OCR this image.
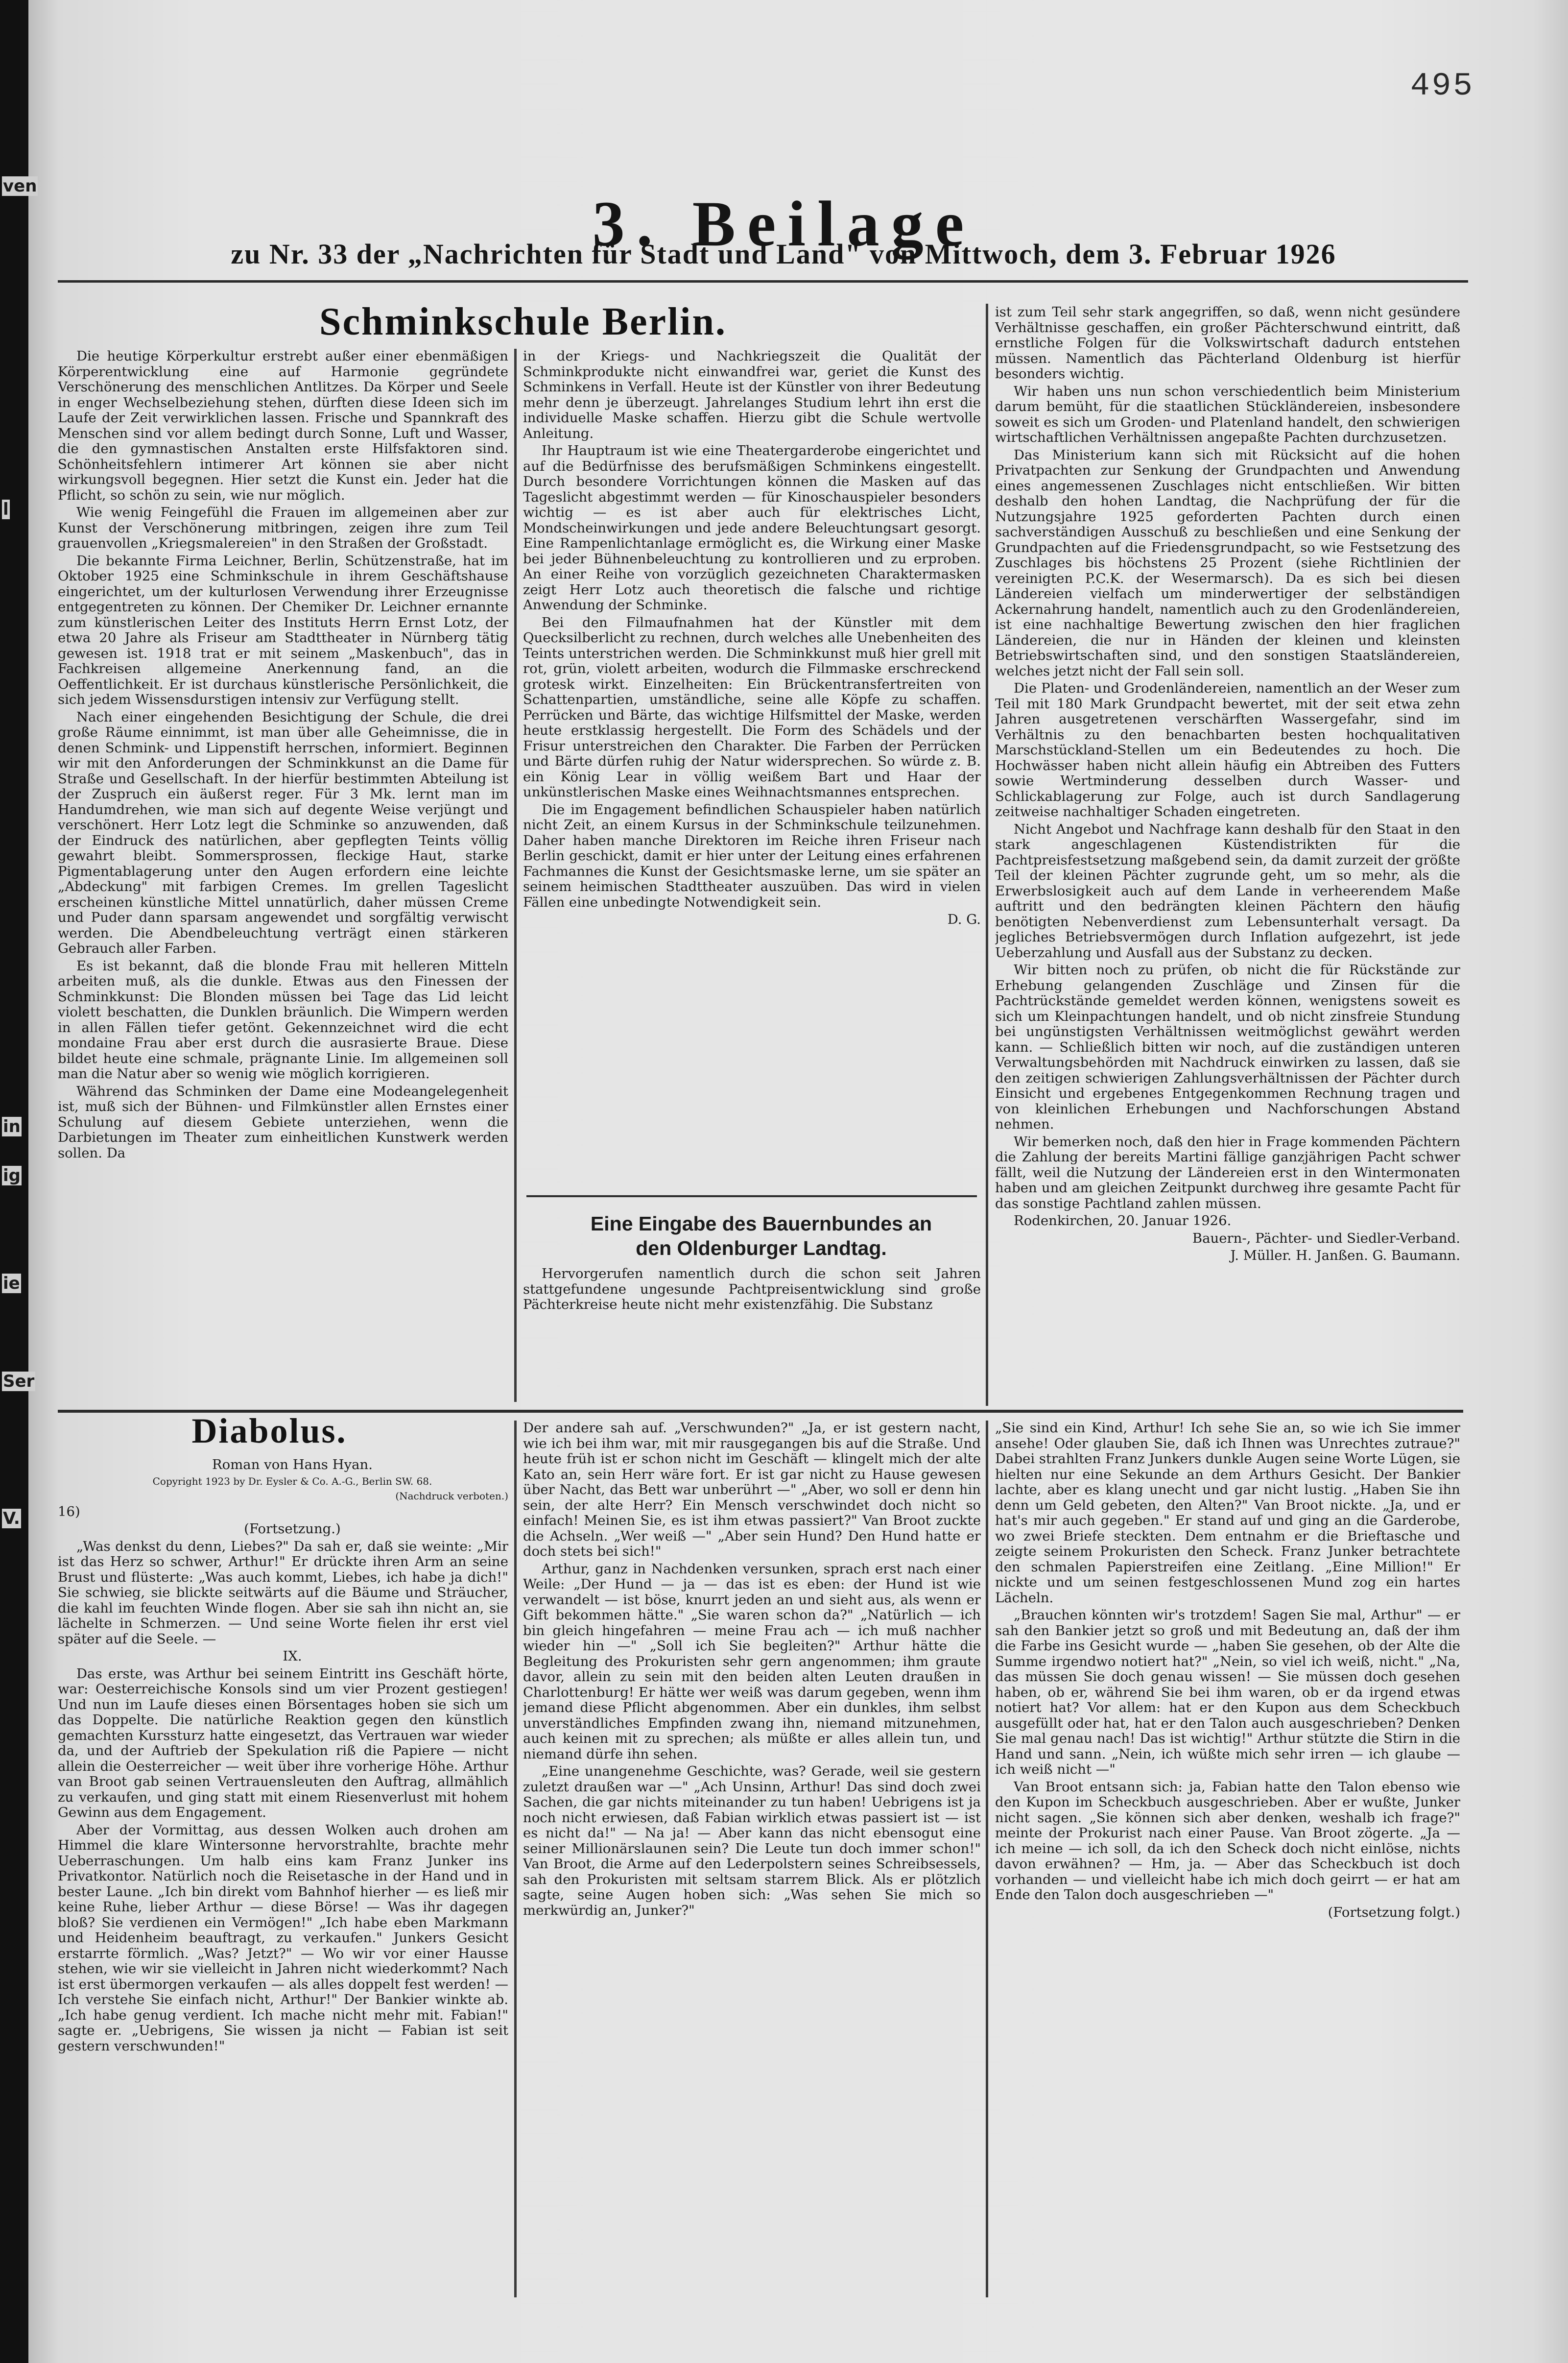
ven
l
in
ig
ie
Ser
V.
495
3. Beilage
zu Nr. 33 der „Nachrichten für Stadt und Land" von Mittwoch, dem 3. Februar 1926
Schminkschule Berlin.

Die heutige Körperkultur erstrebt außer einer ebenmäßigen Körperentwicklung eine auf Harmonie gegründete Verschönerung des menschlichen Antlitzes. Da Körper und Seele in enger Wechselbeziehung stehen, dürften diese Ideen sich im Laufe der Zeit verwirklichen lassen. Frische und Spannkraft des Menschen sind vor allem bedingt durch Sonne, Luft und Wasser, die den gymnastischen Anstalten erste Hilfsfaktoren sind. Schönheitsfehlern intimerer Art können sie aber nicht wirkungsvoll begegnen. Hier setzt die Kunst ein. Jeder hat die Pflicht, so schön zu sein, wie nur möglich.

Wie wenig Feingefühl die Frauen im allgemeinen aber zur Kunst der Verschönerung mitbringen, zeigen ihre zum Teil grauenvollen „Kriegsmalereien" in den Straßen der Großstadt.

Die bekannte Firma Leichner, Berlin, Schützenstraße, hat im Oktober 1925 eine Schminkschule in ihrem Geschäftshause eingerichtet, um der kulturlosen Verwendung ihrer Erzeugnisse entgegentreten zu können. Der Chemiker Dr. Leichner ernannte zum künstlerischen Leiter des Instituts Herrn Ernst Lotz, der etwa 20 Jahre als Friseur am Stadttheater in Nürnberg tätig gewesen ist. 1918 trat er mit seinem „Maskenbuch", das in Fachkreisen allgemeine Anerkennung fand, an die Oeffentlichkeit. Er ist durchaus künstlerische Persönlichkeit, die sich jedem Wissensdurstigen intensiv zur Verfügung stellt.

Nach einer eingehenden Besichtigung der Schule, die drei große Räume einnimmt, ist man über alle Geheimnisse, die in denen Schmink- und Lippenstift herrschen, informiert. Beginnen wir mit den Anforderungen der Schminkkunst an die Dame für Straße und Gesellschaft. In der hierfür bestimmten Abteilung ist der Zuspruch ein äußerst reger. Für 3 Mk. lernt man im Handumdrehen, wie man sich auf degente Weise verjüngt und verschönert. Herr Lotz legt die Schminke so anzuwenden, daß der Eindruck des natürlichen, aber gepflegten Teints völlig gewahrt bleibt. Sommersprossen, fleckige Haut, starke Pigmentablagerung unter den Augen erfordern eine leichte „Abdeckung" mit farbigen Cremes. Im grellen Tageslicht erscheinen künstliche Mittel unnatürlich, daher müssen Creme und Puder dann sparsam angewendet und sorgfältig verwischt werden. Die Abendbeleuchtung verträgt einen stärkeren Gebrauch aller Farben.

Es ist bekannt, daß die blonde Frau mit helleren Mitteln arbeiten muß, als die dunkle. Etwas aus den Finessen der Schminkkunst: Die Blonden müssen bei Tage das Lid leicht violett beschatten, die Dunklen bräunlich. Die Wimpern werden in allen Fällen tiefer getönt. Gekennzeichnet wird die echt mondaine Frau aber erst durch die ausrasierte Braue. Diese bildet heute eine schmale, prägnante Linie. Im allgemeinen soll man die Natur aber so wenig wie möglich korrigieren.

Während das Schminken der Dame eine Modeangelegenheit ist, muß sich der Bühnen- und Filmkünstler allen Ernstes einer Schulung auf diesem Gebiete unterziehen, wenn die Darbietungen im Theater zum einheitlichen Kunstwerk werden sollen. Da

in der Kriegs- und Nachkriegszeit die Qualität der Schminkprodukte nicht einwandfrei war, geriet die Kunst des Schminkens in Verfall. Heute ist der Künstler von ihrer Bedeutung mehr denn je überzeugt. Jahrelanges Studium lehrt ihn erst die individuelle Maske schaffen. Hierzu gibt die Schule wertvolle Anleitung.

Ihr Hauptraum ist wie eine Theatergarderobe eingerichtet und auf die Bedürfnisse des berufsmäßigen Schminkens eingestellt. Durch besondere Vorrichtungen können die Masken auf das Tageslicht abgestimmt werden — für Kinoschauspieler besonders wichtig — es ist aber auch für elektrisches Licht, Mondscheinwirkungen und jede andere Beleuchtungsart gesorgt. Eine Rampenlichtanlage ermöglicht es, die Wirkung einer Maske bei jeder Bühnenbeleuchtung zu kontrollieren und zu erproben. An einer Reihe von vorzüglich gezeichneten Charaktermasken zeigt Herr Lotz auch theoretisch die falsche und richtige Anwendung der Schminke.

Bei den Filmaufnahmen hat der Künstler mit dem Quecksilberlicht zu rechnen, durch welches alle Unebenheiten des Teints unterstrichen werden. Die Schminkkunst muß hier grell mit rot, grün, violett arbeiten, wodurch die Filmmaske erschreckend grotesk wirkt. Einzelheiten: Ein Brückentransfertreiten von Schattenpartien, umständliche, seine alle Köpfe zu schaffen. Perrücken und Bärte, das wichtige Hilfsmittel der Maske, werden heute erstklassig hergestellt. Die Form des Schädels und der Frisur unterstreichen den Charakter. Die Farben der Perrücken und Bärte dürfen ruhig der Natur widersprechen. So würde z. B. ein König Lear in völlig weißem Bart und Haar der unkünstlerischen Maske eines Weihnachtsmannes entsprechen.

Die im Engagement befindlichen Schauspieler haben natürlich nicht Zeit, an einem Kursus in der Schminkschule teilzunehmen. Daher haben manche Direktoren im Reiche ihren Friseur nach Berlin geschickt, damit er hier unter der Leitung eines erfahrenen Fachmannes die Kunst der Gesichtsmaske lerne, um sie später an seinem heimischen Stadttheater auszuüben. Das wird in vielen Fällen eine unbedingte Notwendigkeit sein.

D. G.

Eine Eingabe des Bauernbundes an

den Oldenburger Landtag.

Hervorgerufen namentlich durch die schon seit Jahren stattgefundene ungesunde Pachtpreisentwicklung sind große Pächterkreise heute nicht mehr existenzfähig. Die Substanz

ist zum Teil sehr stark angegriffen, so daß, wenn nicht gesündere Verhältnisse geschaffen, ein großer Pächterschwund eintritt, daß ernstliche Folgen für die Volkswirtschaft dadurch entstehen müssen. Namentlich das Pächterland Oldenburg ist hierfür besonders wichtig.

Wir haben uns nun schon verschiedentlich beim Ministerium darum bemüht, für die staatlichen Stückländereien, insbesondere soweit es sich um Groden- und Platenland handelt, den schwierigen wirtschaftlichen Verhältnissen angepaßte Pachten durchzusetzen.

Das Ministerium kann sich mit Rücksicht auf die hohen Privatpachten zur Senkung der Grundpachten und Anwendung eines angemessenen Zuschlages nicht entschließen. Wir bitten deshalb den hohen Landtag, die Nachprüfung der für die Nutzungsjahre 1925 geforderten Pachten durch einen sachverständigen Ausschuß zu beschließen und eine Senkung der Grundpachten auf die Friedensgrundpacht, so wie Festsetzung des Zuschlages bis höchstens 25 Prozent (siehe Richtlinien der vereinigten P.C.K. der Wesermarsch). Da es sich bei diesen Ländereien vielfach um minderwertiger der selbständigen Ackernahrung handelt, namentlich auch zu den Grodenländereien, ist eine nachhaltige Bewertung zwischen den hier fraglichen Ländereien, die nur in Händen der kleinen und kleinsten Betriebswirtschaften sind, und den sonstigen Staatsländereien, welches jetzt nicht der Fall sein soll.

Die Platen- und Grodenländereien, namentlich an der Weser zum Teil mit 180 Mark Grundpacht bewertet, mit der seit etwa zehn Jahren ausgetretenen verschärften Wassergefahr, sind im Verhältnis zu den benachbarten besten hochqualitativen Marschstückland-Stellen um ein Bedeutendes zu hoch. Die Hochwässer haben nicht allein häufig ein Abtreiben des Futters sowie Wertminderung desselben durch Wasser- und Schlickablagerung zur Folge, auch ist durch Sandlagerung zeitweise nachhaltiger Schaden eingetreten.

Nicht Angebot und Nachfrage kann deshalb für den Staat in den stark angeschlagenen Küstendistrikten für die Pachtpreisfestsetzung maßgebend sein, da damit zurzeit der größte Teil der kleinen Pächter zugrunde geht, um so mehr, als die Erwerbslosigkeit auch auf dem Lande in verheerendem Maße auftritt und den bedrängten kleinen Pächtern den häufig benötigten Nebenverdienst zum Lebensunterhalt versagt. Da jegliches Betriebsvermögen durch Inflation aufgezehrt, ist jede Ueberzahlung und Ausfall aus der Substanz zu decken.

Wir bitten noch zu prüfen, ob nicht die für Rückstände zur Erhebung gelangenden Zuschläge und Zinsen für die Pachtrückstände gemeldet werden können, wenigstens soweit es sich um Kleinpachtungen handelt, und ob nicht zinsfreie Stundung bei ungünstigsten Verhältnissen weitmöglichst gewährt werden kann. — Schließlich bitten wir noch, auf die zuständigen unteren Verwaltungsbehörden mit Nachdruck einwirken zu lassen, daß sie den zeitigen schwierigen Zahlungsverhältnissen der Pächter durch Einsicht und ergebenes Entgegenkommen Rechnung tragen und von kleinlichen Erhebungen und Nachforschungen Abstand nehmen.

Wir bemerken noch, daß den hier in Frage kommenden Pächtern die Zahlung der bereits Martini fällige ganzjährigen Pacht schwer fällt, weil die Nutzung der Ländereien erst in den Wintermonaten haben und am gleichen Zeitpunkt durchweg ihre gesamte Pacht für das sonstige Pachtland zahlen müssen.

Rodenkirchen, 20. Januar 1926.

Bauern-, Pächter- und Siedler-Verband.

J. Müller. H. Janßen. G. Baumann.

Diabolus.

Roman von Hans Hyan.

Copyright 1923 by Dr. Eysler & Co. A.-G., Berlin SW. 68.

(Nachdruck verboten.)

16)

(Fortsetzung.)

„Was denkst du denn, Liebes?" Da sah er, daß sie weinte: „Mir ist das Herz so schwer, Arthur!" Er drückte ihren Arm an seine Brust und flüsterte: „Was auch kommt, Liebes, ich habe ja dich!" Sie schwieg, sie blickte seitwärts auf die Bäume und Sträucher, die kahl im feuchten Winde flogen. Aber sie sah ihn nicht an, sie lächelte in Schmerzen. — Und seine Worte fielen ihr erst viel später auf die Seele. —

IX.

Das erste, was Arthur bei seinem Eintritt ins Geschäft hörte, war: Oesterreichische Konsols sind um vier Prozent gestiegen! Und nun im Laufe dieses einen Börsentages hoben sie sich um das Doppelte. Die natürliche Reaktion gegen den künstlich gemachten Kurssturz hatte eingesetzt, das Vertrauen war wieder da, und der Auftrieb der Spekulation riß die Papiere — nicht allein die Oesterreicher — weit über ihre vorherige Höhe. Arthur van Broot gab seinen Vertrauensleuten den Auftrag, allmählich zu verkaufen, und ging statt mit einem Riesenverlust mit hohem Gewinn aus dem Engagement.

Aber der Vormittag, aus dessen Wolken auch drohen am Himmel die klare Wintersonne hervorstrahlte, brachte mehr Ueberraschungen. Um halb eins kam Franz Junker ins Privatkontor. Natürlich noch die Reisetasche in der Hand und in bester Laune. „Ich bin direkt vom Bahnhof hierher — es ließ mir keine Ruhe, lieber Arthur — diese Börse! — Was ihr dagegen bloß? Sie verdienen ein Vermögen!" „Ich habe eben Markmann und Heidenheim beauftragt, zu verkaufen." Junkers Gesicht erstarrte förmlich. „Was? Jetzt?" — Wo wir vor einer Hausse stehen, wie wir sie vielleicht in Jahren nicht wiederkommt? Nach ist erst übermorgen verkaufen — als alles doppelt fest werden! — Ich verstehe Sie einfach nicht, Arthur!" Der Bankier winkte ab. „Ich habe genug verdient. Ich mache nicht mehr mit. Fabian!" sagte er. „Uebrigens, Sie wissen ja nicht — Fabian ist seit gestern verschwunden!"

Der andere sah auf. „Verschwunden?" „Ja, er ist gestern nacht, wie ich bei ihm war, mit mir rausgegangen bis auf die Straße. Und heute früh ist er schon nicht im Geschäft — klingelt mich der alte Kato an, sein Herr wäre fort. Er ist gar nicht zu Hause gewesen über Nacht, das Bett war unberührt —" „Aber, wo soll er denn hin sein, der alte Herr? Ein Mensch verschwindet doch nicht so einfach! Meinen Sie, es ist ihm etwas passiert?" Van Broot zuckte die Achseln. „Wer weiß —" „Aber sein Hund? Den Hund hatte er doch stets bei sich!"

Arthur, ganz in Nachdenken versunken, sprach erst nach einer Weile: „Der Hund — ja — das ist es eben: der Hund ist wie verwandelt — ist böse, knurrt jeden an und sieht aus, als wenn er Gift bekommen hätte." „Sie waren schon da?" „Natürlich — ich bin gleich hingefahren — meine Frau ach — ich muß nachher wieder hin —" „Soll ich Sie begleiten?" Arthur hätte die Begleitung des Prokuristen sehr gern angenommen; ihm graute davor, allein zu sein mit den beiden alten Leuten draußen in Charlottenburg! Er hätte wer weiß was darum gegeben, wenn ihm jemand diese Pflicht abgenommen. Aber ein dunkles, ihm selbst unverständliches Empfinden zwang ihn, niemand mitzunehmen, auch keinen mit zu sprechen; als müßte er alles allein tun, und niemand dürfe ihn sehen.

„Eine unangenehme Geschichte, was? Gerade, weil sie gestern zuletzt draußen war —" „Ach Unsinn, Arthur! Das sind doch zwei Sachen, die gar nichts miteinander zu tun haben! Uebrigens ist ja noch nicht erwiesen, daß Fabian wirklich etwas passiert ist — ist es nicht da!" — Na ja! — Aber kann das nicht ebensogut eine seiner Millionärslaunen sein? Die Leute tun doch immer schon!" Van Broot, die Arme auf den Lederpolstern seines Schreibsessels, sah den Prokuristen mit seltsam starrem Blick. Als er plötzlich sagte, seine Augen hoben sich: „Was sehen Sie mich so merkwürdig an, Junker?"

„Sie sind ein Kind, Arthur! Ich sehe Sie an, so wie ich Sie immer ansehe! Oder glauben Sie, daß ich Ihnen was Unrechtes zutraue?" Dabei strahlten Franz Junkers dunkle Augen seine Worte Lügen, sie hielten nur eine Sekunde an dem Arthurs Gesicht. Der Bankier lachte, aber es klang unecht und gar nicht lustig. „Haben Sie ihn denn um Geld gebeten, den Alten?" Van Broot nickte. „Ja, und er hat's mir auch gegeben." Er stand auf und ging an die Garderobe, wo zwei Briefe steckten. Dem entnahm er die Brieftasche und zeigte seinem Prokuristen den Scheck. Franz Junker betrachtete den schmalen Papierstreifen eine Zeitlang. „Eine Million!" Er nickte und um seinen festgeschlossenen Mund zog ein hartes Lächeln.

„Brauchen könnten wir's trotzdem! Sagen Sie mal, Arthur" — er sah den Bankier jetzt so groß und mit Bedeutung an, daß der ihm die Farbe ins Gesicht wurde — „haben Sie gesehen, ob der Alte die Summe irgendwo notiert hat?" „Nein, so viel ich weiß, nicht." „Na, das müssen Sie doch genau wissen! — Sie müssen doch gesehen haben, ob er, während Sie bei ihm waren, ob er da irgend etwas notiert hat? Vor allem: hat er den Kupon aus dem Scheckbuch ausgefüllt oder hat, hat er den Talon auch ausgeschrieben? Denken Sie mal genau nach! Das ist wichtig!" Arthur stützte die Stirn in die Hand und sann. „Nein, ich wüßte mich sehr irren — ich glaube — ich weiß nicht —"

Van Broot entsann sich: ja, Fabian hatte den Talon ebenso wie den Kupon im Scheckbuch ausgeschrieben. Aber er wußte, Junker nicht sagen. „Sie können sich aber denken, weshalb ich frage?" meinte der Prokurist nach einer Pause. Van Broot zögerte. „Ja — ich meine — ich soll, da ich den Scheck doch nicht einlöse, nichts davon erwähnen? — Hm, ja. — Aber das Scheckbuch ist doch vorhanden — und vielleicht habe ich mich doch geirrt — er hat am Ende den Talon doch ausgeschrieben —"

(Fortsetzung folgt.)
